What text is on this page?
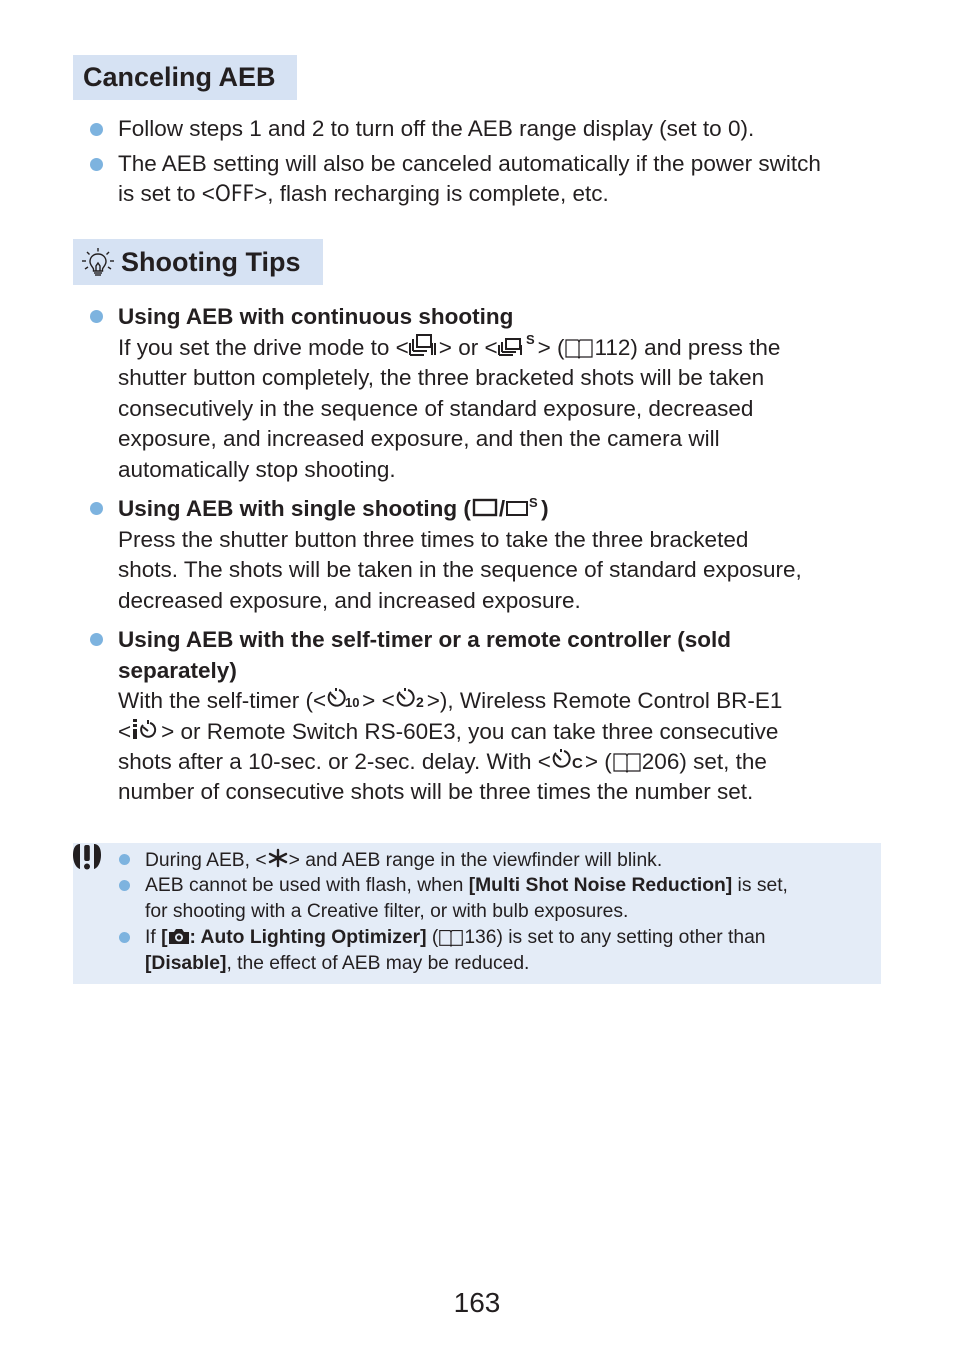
Canceling AEB
Follow steps 1 and 2 to turn off the AEB range display (set to 0).
The AEB setting will also be canceled automatically if the power switch
is set to <OFF>, flash recharging is complete, etc.
Shooting Tips
Using AEB with continuous shooting
If you set the drive mode to < > or < S > ( 112) and press the
shutter button completely, the three bracketed shots will be taken
consecutively in the sequence of standard exposure, decreased
exposure, and increased exposure, and then the camera will
automatically stop shooting.
Using AEB with single shooting ( / S )
Press the shutter button three times to take the three bracketed
shots. The shots will be taken in the sequence of standard exposure,
decreased exposure, and increased exposure.
Using AEB with the self-timer or a remote controller (sold
separately)
With the self-timer (< 10 > < 2 >), Wireless Remote Control BR-E1
< > or Remote Switch RS-60E3, you can take three consecutive
shots after a 10-sec. or 2-sec. delay. With < C > ( 206) set, the
number of consecutive shots will be three times the number set.
During AEB, < > and AEB range in the viewfinder will blink.
AEB cannot be used with flash, when [Multi Shot Noise Reduction] is set,
for shooting with a Creative filter, or with bulb exposures.
If [ : Auto Lighting Optimizer] ( 136) is set to any setting other than
[Disable], the effect of AEB may be reduced.
163
